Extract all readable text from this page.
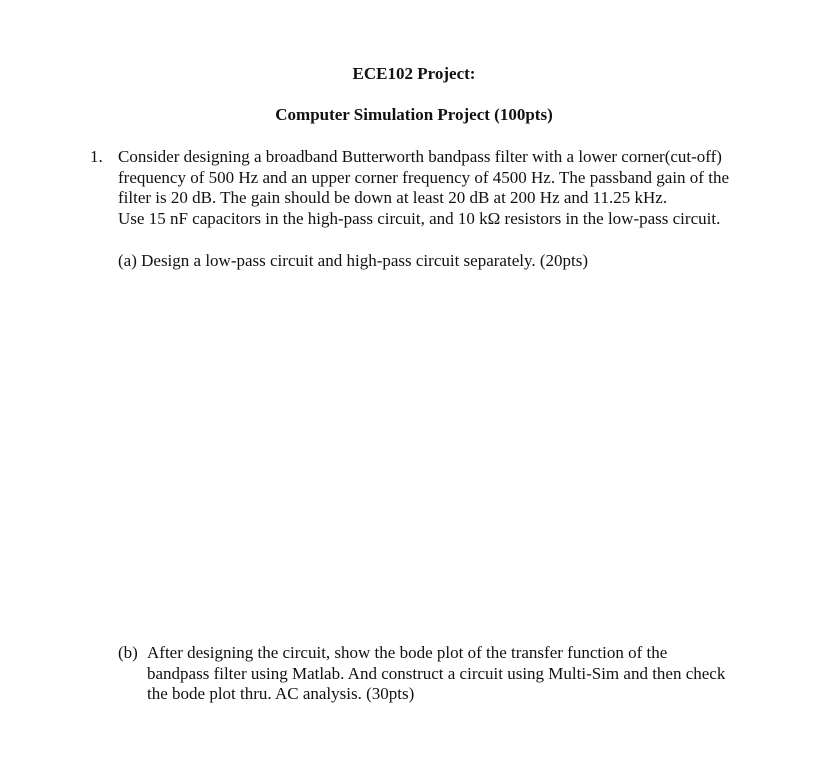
ECE102 Project:
Computer Simulation Project (100pts)
1. Consider designing a broadband Butterworth bandpass filter with a lower corner(cut-off)
frequency of 500 Hz and an upper corner frequency of 4500 Hz. The passband gain of the
filter is 20 dB. The gain should be down at least 20 dB at 200 Hz and 11.25 kHz.
Use 15 nF capacitors in the high-pass circuit, and 10 kΩ resistors in the low-pass circuit.
(a) Design a low-pass circuit and high-pass circuit separately. (20pts)
(b) After designing the circuit, show the bode plot of the transfer function of the
bandpass filter using Matlab. And construct a circuit using Multi-Sim and then check
the bode plot thru. AC analysis. (30pts)
